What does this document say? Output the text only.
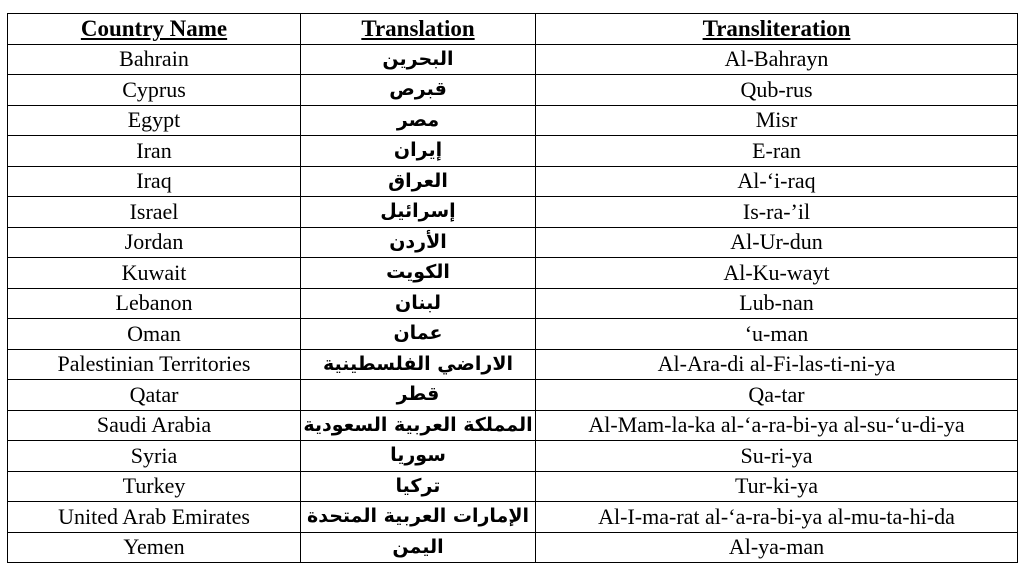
Country Name	Translation	Transliteration
Bahrain	البحرين	Al-Bahrayn
Cyprus	قبرص	Qub-rus
Egypt	مصر	Misr
Iran	إيران	E-ran
Iraq	العراق	Al-‘i-raq
Israel	إسرائيل	Is-ra-’il
Jordan	الأردن	Al-Ur-dun
Kuwait	الكويت	Al-Ku-wayt
Lebanon	لبنان	Lub-nan
Oman	عمان	‘u-man
Palestinian Territories	الاراضي الفلسطينية	Al-Ara-di al-Fi-las-ti-ni-ya
Qatar	قطر	Qa-tar
Saudi Arabia	المملكة العربية السعودية	Al-Mam-la-ka al-‘a-ra-bi-ya al-su-‘u-di-ya
Syria	سوريا	Su-ri-ya
Turkey	تركيا	Tur-ki-ya
United Arab Emirates	الإمارات العربية المتحدة	Al-I-ma-rat al-‘a-ra-bi-ya al-mu-ta-hi-da
Yemen	اليمن	Al-ya-man
